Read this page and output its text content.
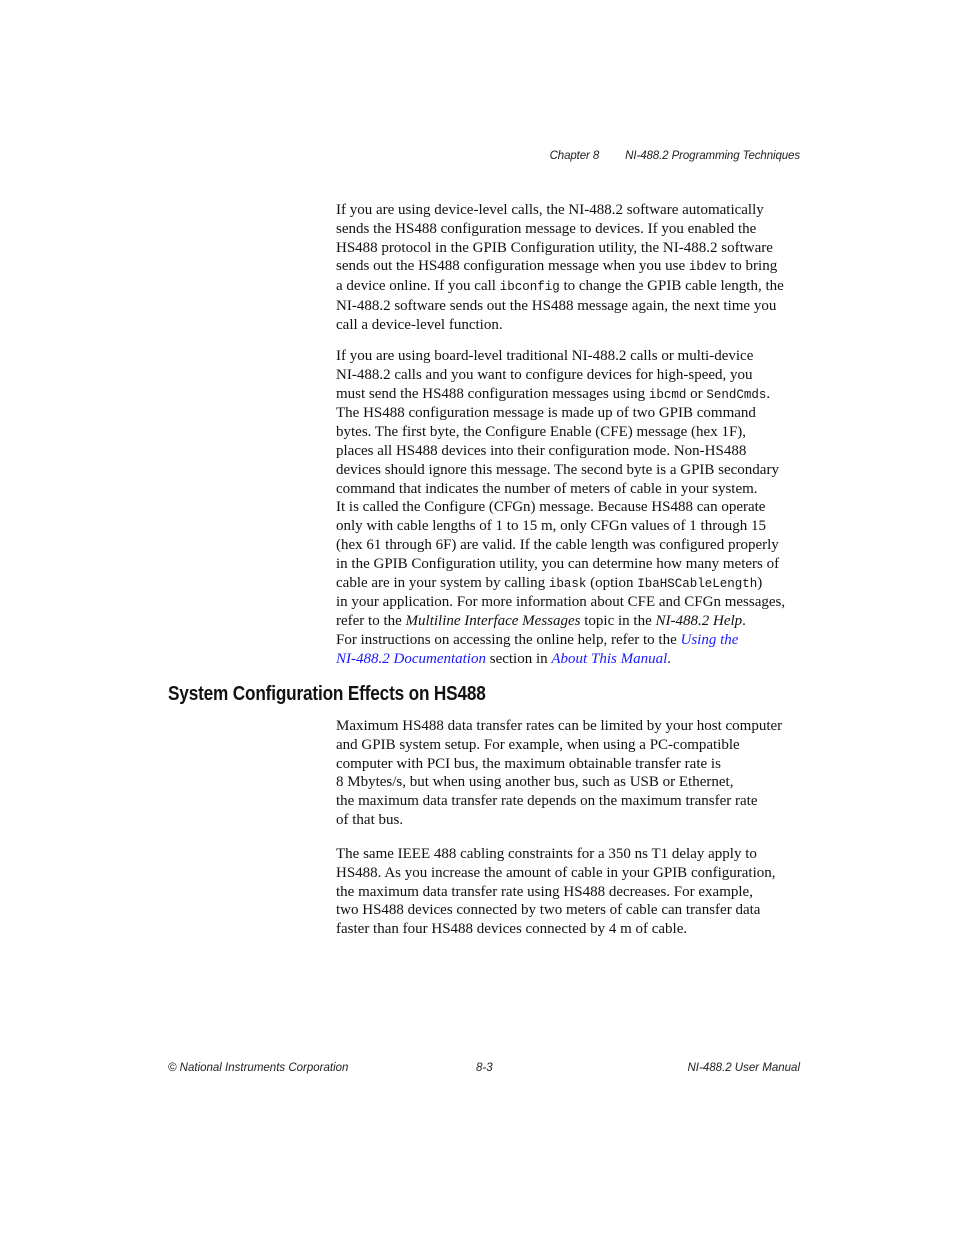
Chapter 8 NI-488.2 Programming Techniques

If you are using device-level calls, the NI-488.2 software automatically
sends the HS488 configuration message to devices. If you enabled the
HS488 protocol in the GPIB Configuration utility, the NI-488.2 software
sends out the HS488 configuration message when you use ibdev to bring
a device online. If you call ibconfig to change the GPIB cable length, the
NI-488.2 software sends out the HS488 message again, the next time you
call a device-level function.

If you are using board-level traditional NI-488.2 calls or multi-device
NI-488.2 calls and you want to configure devices for high-speed, you
must send the HS488 configuration messages using ibcmd or SendCmds.
The HS488 configuration message is made up of two GPIB command
bytes. The first byte, the Configure Enable (CFE) message (hex 1F),
places all HS488 devices into their configuration mode. Non-HS488
devices should ignore this message. The second byte is a GPIB secondary
command that indicates the number of meters of cable in your system.
It is called the Configure (CFGn) message. Because HS488 can operate
only with cable lengths of 1 to 15 m, only CFGn values of 1 through 15
(hex 61 through 6F) are valid. If the cable length was configured properly
in the GPIB Configuration utility, you can determine how many meters of
cable are in your system by calling ibask (option IbaHSCableLength)
in your application. For more information about CFE and CFGn messages,
refer to the Multiline Interface Messages topic in the NI-488.2 Help.
For instructions on accessing the online help, refer to the Using the
NI-488.2 Documentation section in About This Manual.

System Configuration Effects on HS488

Maximum HS488 data transfer rates can be limited by your host computer
and GPIB system setup. For example, when using a PC-compatible
computer with PCI bus, the maximum obtainable transfer rate is
8 Mbytes/s, but when using another bus, such as USB or Ethernet,
the maximum data transfer rate depends on the maximum transfer rate
of that bus.

The same IEEE 488 cabling constraints for a 350 ns T1 delay apply to
HS488. As you increase the amount of cable in your GPIB configuration,
the maximum data transfer rate using HS488 decreases. For example,
two HS488 devices connected by two meters of cable can transfer data
faster than four HS488 devices connected by 4 m of cable.

© National Instruments Corporation	8-3	NI-488.2 User Manual
